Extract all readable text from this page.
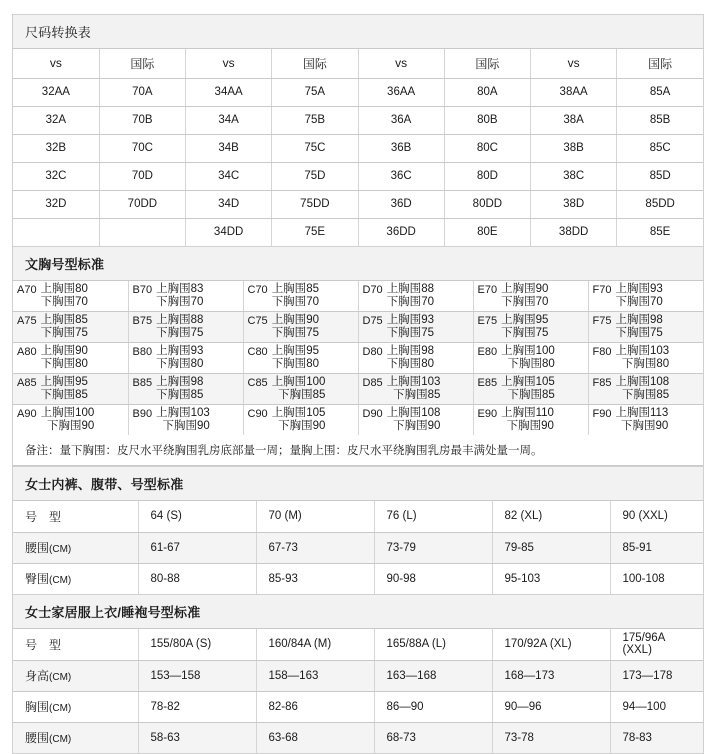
尺码转换表
vs	国际	vs	国际	vs	国际	vs	国际
32AA	70A	34AA	75A	36AA	80A	38AA	85A
32A	70B	34A	75B	36A	80B	38A	85B
32B	70C	34B	75C	36B	80C	38B	85C
32C	70D	34C	75D	36C	80D	38C	85D
32D	70DD	34D	75DD	36D	80DD	38D	85DD
		34DD	75E	36DD	80E	38DD	85E
文胸号型标准
A70 上胸围80
下胸围70	B70 上胸围83
下胸围70	C70 上胸围85
下胸围70	D70 上胸围88
下胸围70	E70 上胸围90
下胸围70	F70 上胸围93
下胸围70

A75 上胸围85
下胸围75	B75 上胸围88
下胸围75	C75 上胸围90
下胸围75	D75 上胸围93
下胸围75	E75 上胸围95
下胸围75	F75 上胸围98
下胸围75

A80 上胸围90
下胸围80	B80 上胸围93
下胸围80	C80 上胸围95
下胸围80	D80 上胸围98
下胸围80	E80 上胸围100
下胸围80	F80 上胸围103
下胸围80

A85 上胸围95
下胸围85	B85 上胸围98
下胸围85	C85 上胸围100
下胸围85	D85 上胸围103
下胸围85	E85 上胸围105
下胸围85	F85 上胸围108
下胸围85

A90 上胸围100
下胸围90	B90 上胸围103
下胸围90	C90 上胸围105
下胸围90	D90 上胸围108
下胸围90	E90 上胸围110
下胸围90	F90 上胸围113
下胸围90
备注：量下胸围：皮尺水平绕胸围乳房底部量一周；量胸上围：皮尺水平绕胸围乳房最丰满处量一周。
女士内裤、腹带、号型标准
号　型	64 (S)	70 (M)	76 (L)	82 (XL)	90 (XXL)
腰围(CM)	61-67	67-73	73-79	79-85	85-91
臀围(CM)	80-88	85-93	90-98	95-103	100-108
女士家居服上衣/睡袍号型标准
号　型	155/80A (S)	160/84A (M)	165/88A (L)	170/92A (XL)	175/96A (XXL)
身高(CM)	153—158	158—163	163—168	168—173	173—178
胸围(CM)	78-82	82-86	86—90	90—96	94—100
腰围(CM)	58-63	63-68	68-73	73-78	78-83
